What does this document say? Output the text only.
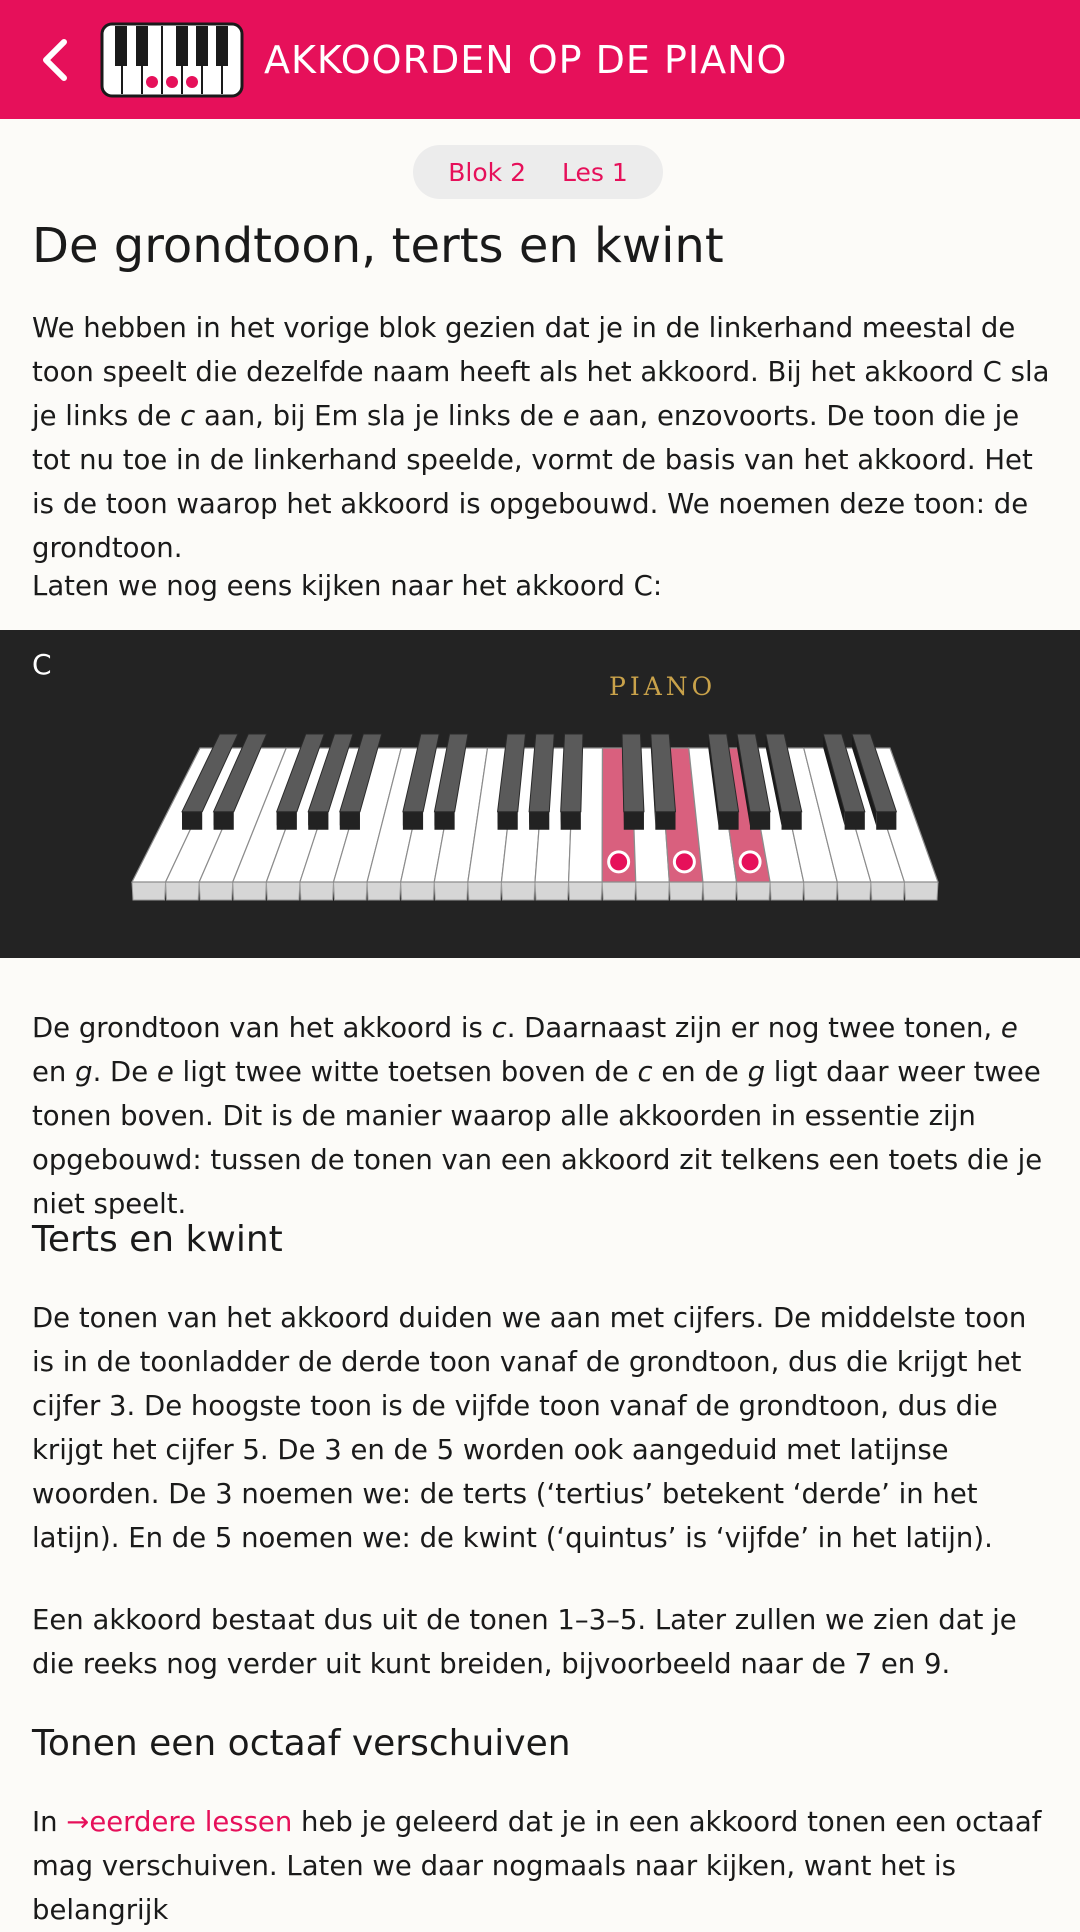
AKKOORDEN OP DE PIANO
Blok 2 Les 1
De grondtoon, terts en kwint

We hebben in het vorige blok gezien dat je in de linkerhand meestal de toon speelt die dezelfde naam heeft als het akkoord. Bij het akkoord C sla je links de c aan, bij Em sla je links de e aan, enzovoorts. De toon die je tot nu toe in de linkerhand speelde, vormt de basis van het akkoord. Het is de toon waarop het akkoord is opgebouwd. We noemen deze toon: de grondtoon.

Laten we nog eens kijken naar het akkoord C:

C
PIANO

De grondtoon van het akkoord is c. Daarnaast zijn er nog twee tonen, e en g. De e ligt twee witte toetsen boven de c en de g ligt daar weer twee tonen boven. Dit is de manier waarop alle akkoorden in essentie zijn opgebouwd: tussen de tonen van een akkoord zit telkens een toets die je niet speelt.

Terts en kwint

De tonen van het akkoord duiden we aan met cijfers. De middelste toon is in de toonladder de derde toon vanaf de grondtoon, dus die krijgt het cijfer 3. De hoogste toon is de vijfde toon vanaf de grondtoon, dus die krijgt het cijfer 5. De 3 en de 5 worden ook aangeduid met latijnse woorden. De 3 noemen we: de terts (‘tertius’ betekent ‘derde’ in het latijn). En de 5 noemen we: de kwint (‘quintus’ is ‘vijfde’ in het latijn).

Een akkoord bestaat dus uit de tonen 1–3–5. Later zullen we zien dat je die reeks nog verder uit kunt breiden, bijvoorbeeld naar de 7 en 9.

Tonen een octaaf verschuiven

In →eerdere lessen heb je geleerd dat je in een akkoord tonen een octaaf mag verschuiven. Laten we daar nogmaals naar kijken, want het is belangrijk
